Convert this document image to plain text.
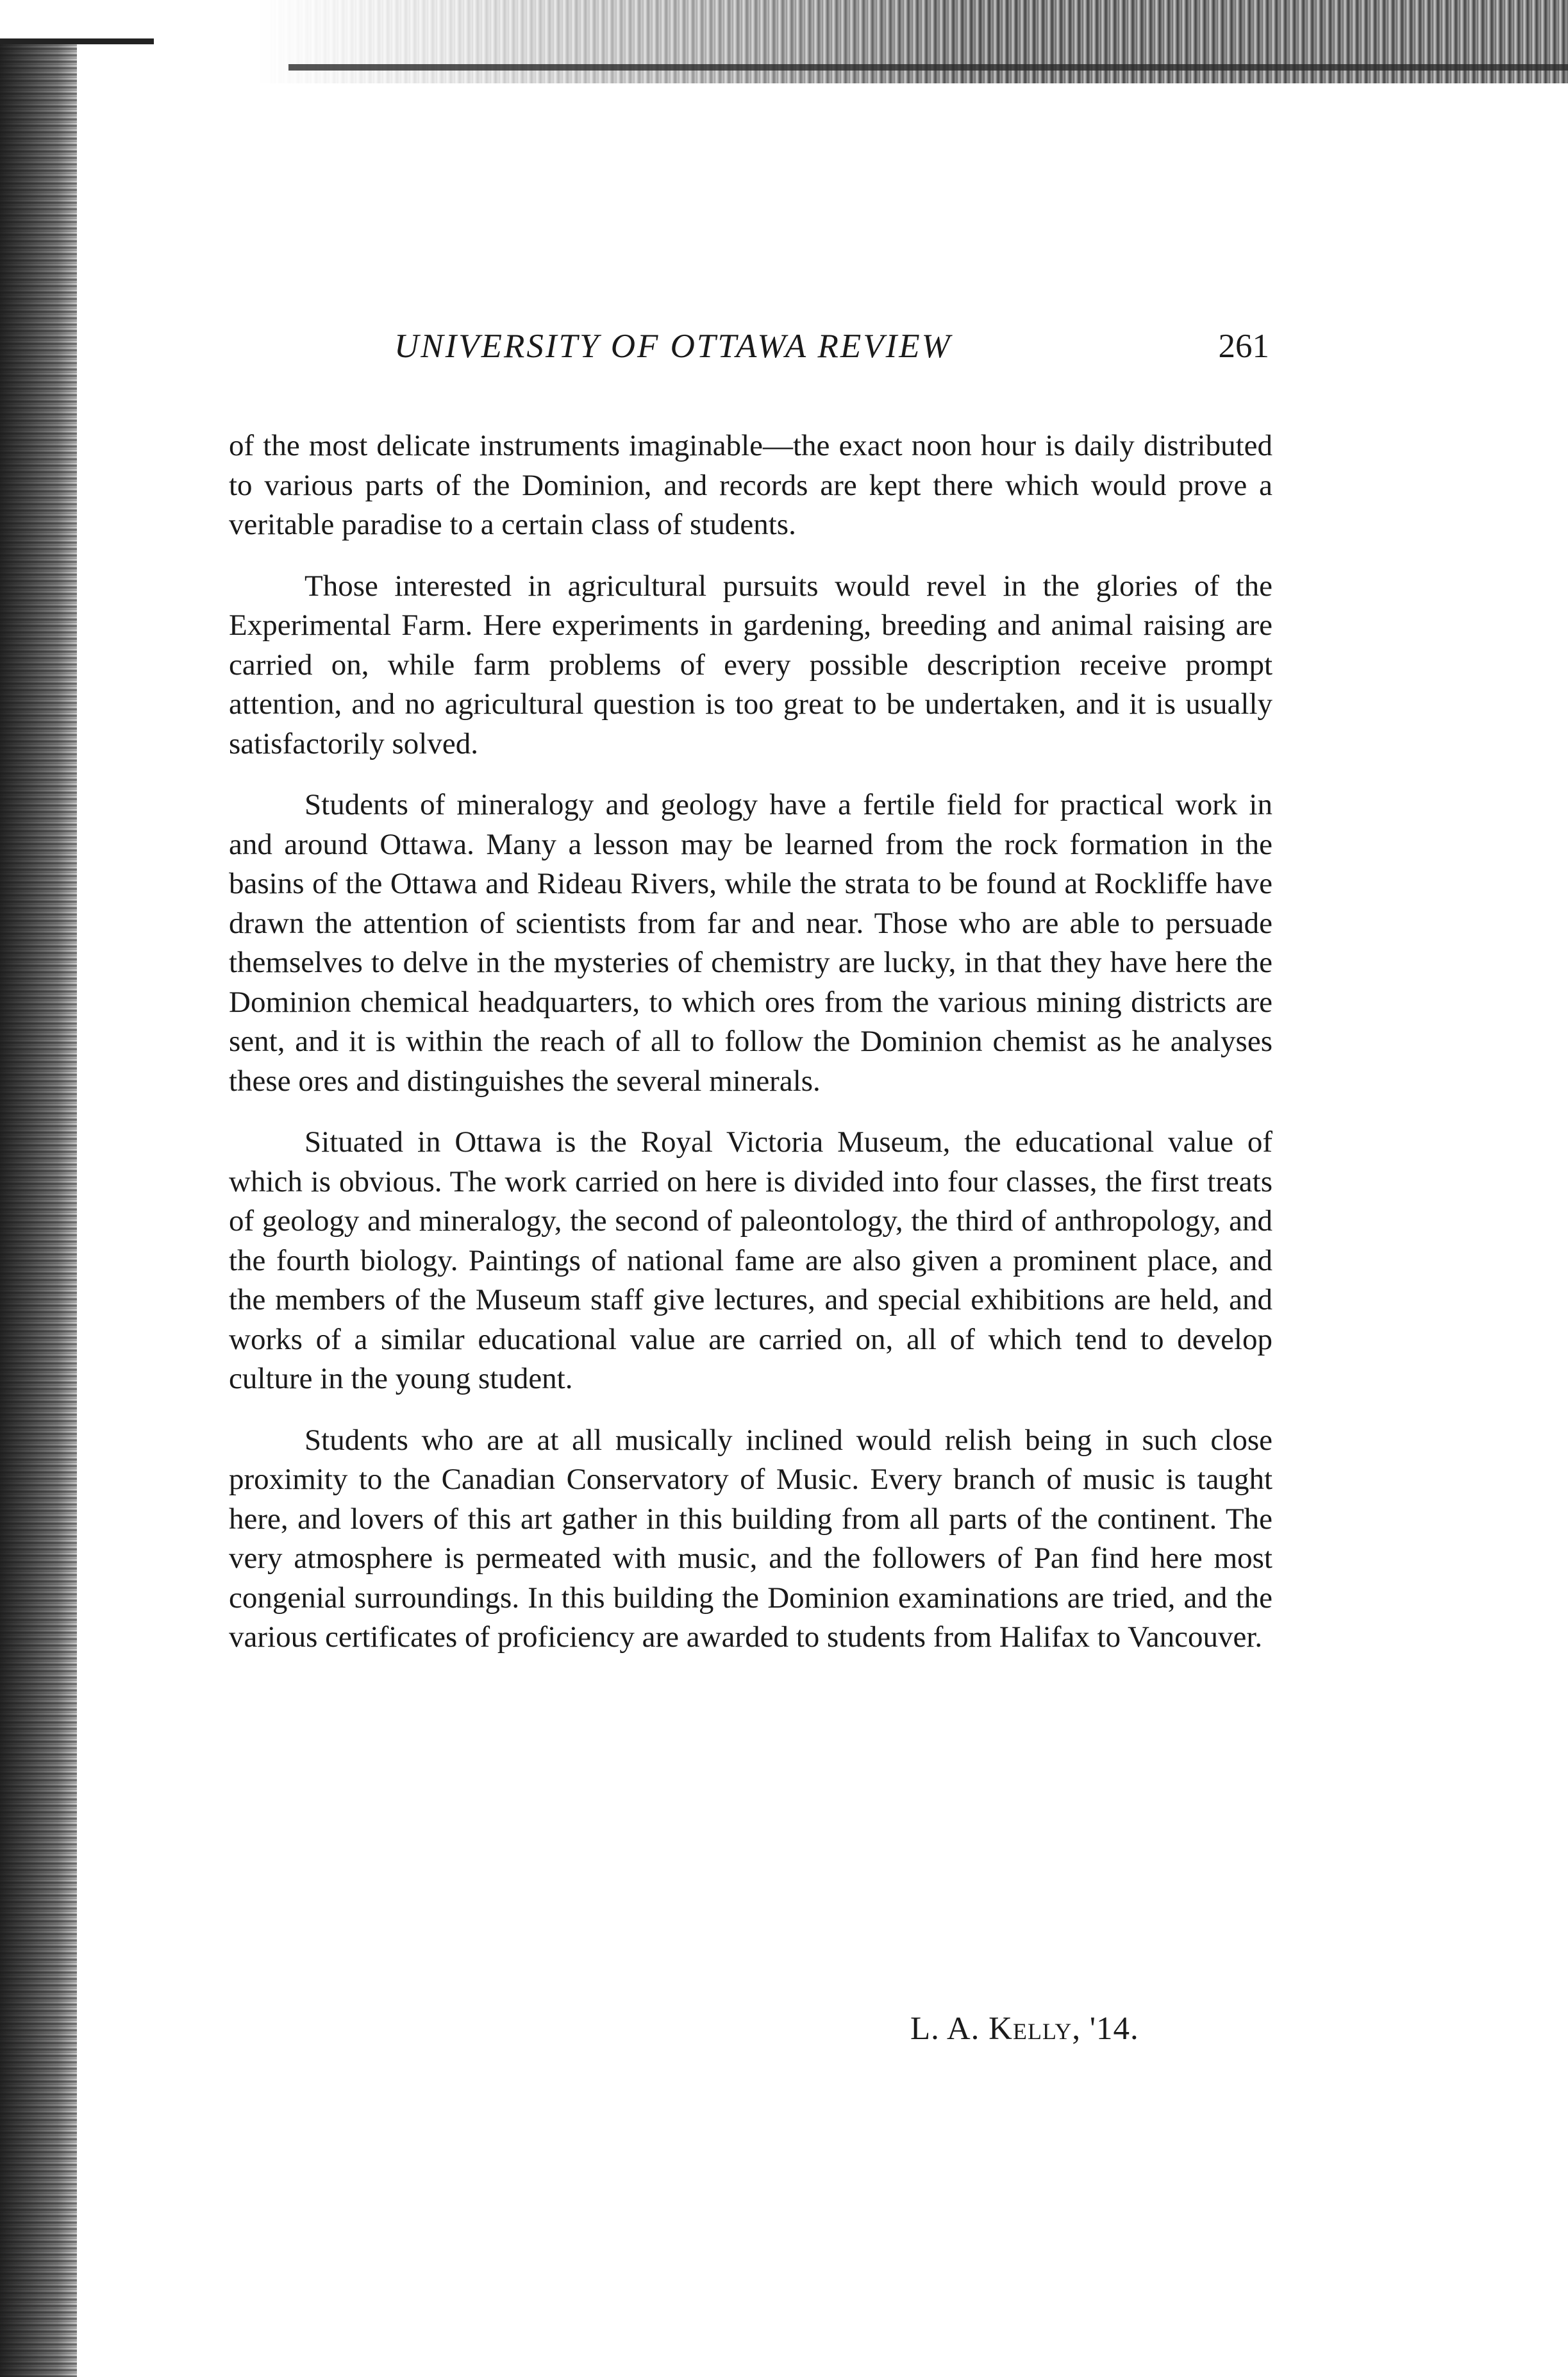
UNIVERSITY OF OTTAWA REVIEW	261

of the most delicate instruments imaginable—the exact noon hour is daily distributed to various parts of the Dominion, and records are kept there which would prove a veritable paradise to a certain class of students.

Those interested in agricultural pursuits would revel in the glories of the Experimental Farm. Here experiments in gardening, breeding and animal raising are carried on, while farm problems of every possible description receive prompt attention, and no agricultural question is too great to be undertaken, and it is usually satisfactorily solved.

Students of mineralogy and geology have a fertile field for practical work in and around Ottawa. Many a lesson may be learned from the rock formation in the basins of the Ottawa and Rideau Rivers, while the strata to be found at Rockliffe have drawn the attention of scientists from far and near. Those who are able to persuade themselves to delve in the mysteries of chemistry are lucky, in that they have here the Dominion chemical headquarters, to which ores from the various mining districts are sent, and it is within the reach of all to follow the Dominion chemist as he analyses these ores and distinguishes the several minerals.

Situated in Ottawa is the Royal Victoria Museum, the educational value of which is obvious. The work carried on here is divided into four classes, the first treats of geology and mineralogy, the second of paleontology, the third of anthropology, and the fourth biology. Paintings of national fame are also given a prominent place, and the members of the Museum staff give lectures, and special exhibitions are held, and works of a similar educational value are carried on, all of which tend to develop culture in the young student.

Students who are at all musically inclined would relish being in such close proximity to the Canadian Conservatory of Music. Every branch of music is taught here, and lovers of this art gather in this building from all parts of the continent. The very atmosphere is permeated with music, and the followers of Pan find here most congenial surroundings. In this building the Dominion examinations are tried, and the various certificates of proficiency are awarded to students from Halifax to Vancouver.

L. A. Kelly, '14.
